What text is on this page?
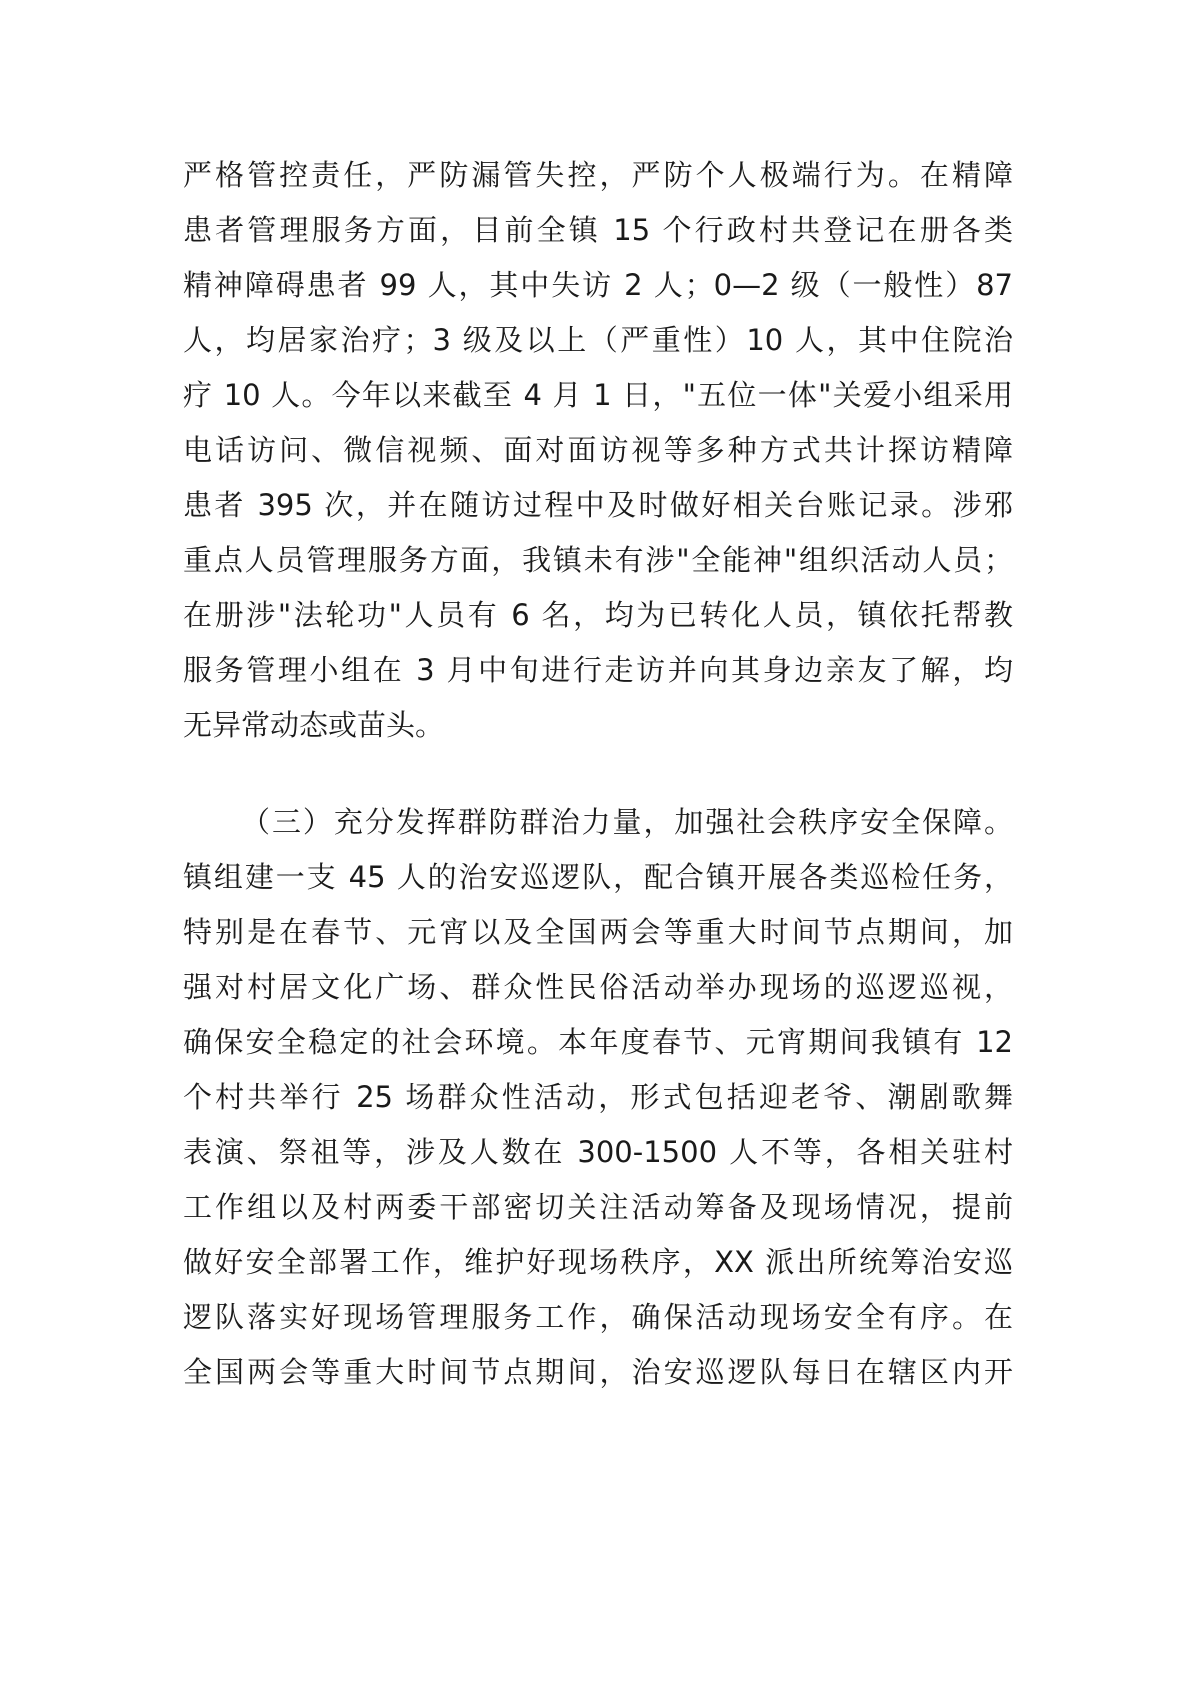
严格管控责任，严防漏管失控，严防个人极端行为。在精障
患者管理服务方面，目前全镇 15 个行政村共登记在册各类
精神障碍患者 99 人，其中失访 2 人；0—2 级（一般性）87
人，均居家治疗；3 级及以上（严重性）10 人，其中住院治
疗 10 人。今年以来截至 4 月 1 日，"五位一体"关爱小组采用
电话访问、微信视频、面对面访视等多种方式共计探访精障
患者 395 次，并在随访过程中及时做好相关台账记录。涉邪
重点人员管理服务方面，我镇未有涉"全能神"组织活动人员；
在册涉"法轮功"人员有 6 名，均为已转化人员，镇依托帮教
服务管理小组在 3 月中旬进行走访并向其身边亲友了解，均
无异常动态或苗头。
（三）充分发挥群防群治力量，加强社会秩序安全保障。
镇组建一支 45 人的治安巡逻队，配合镇开展各类巡检任务，
特别是在春节、元宵以及全国两会等重大时间节点期间，加
强对村居文化广场、群众性民俗活动举办现场的巡逻巡视，
确保安全稳定的社会环境。本年度春节、元宵期间我镇有 12
个村共举行 25 场群众性活动，形式包括迎老爷、潮剧歌舞
表演、祭祖等，涉及人数在 300-1500 人不等，各相关驻村
工作组以及村两委干部密切关注活动筹备及现场情况，提前
做好安全部署工作，维护好现场秩序，XX 派出所统筹治安巡
逻队落实好现场管理服务工作，确保活动现场安全有序。在
全国两会等重大时间节点期间，治安巡逻队每日在辖区内开
